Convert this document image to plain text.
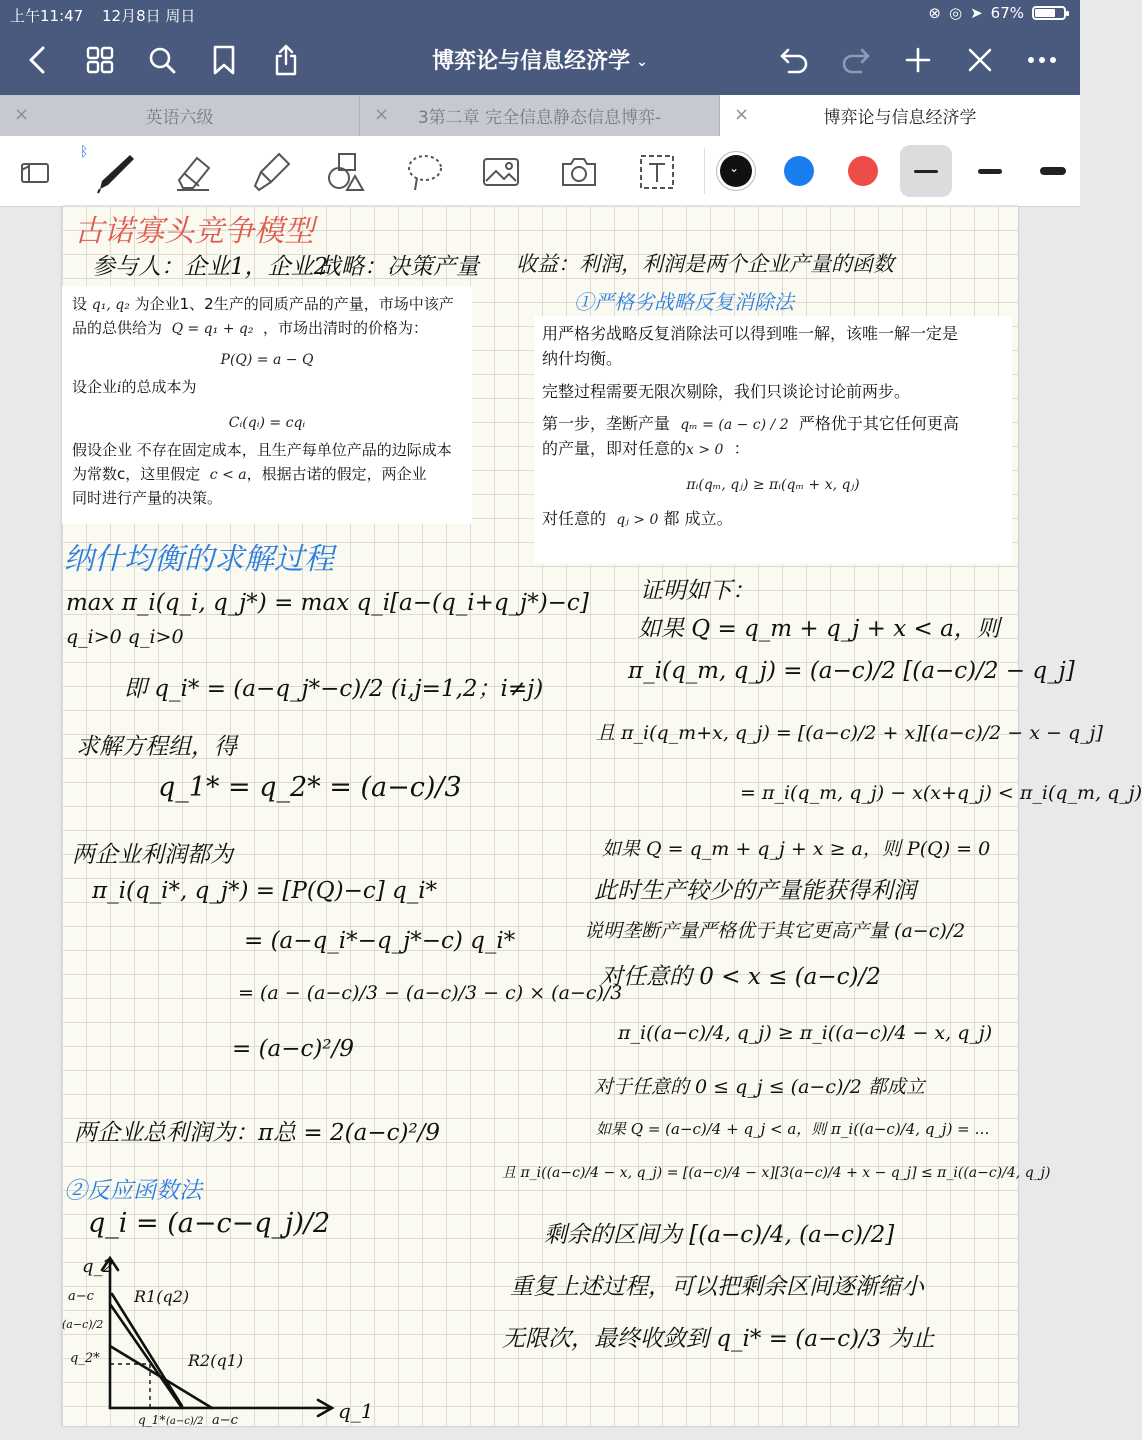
上午11:47 12月8日 周日	⊗ ◎ ➤ 67%
博弈论与信息经济学 ⌄
×	英语六级	× 3第二章 完全信息静态信息博弈-	×	博弈论与信息经济学
ᛒ
⌄
古诺寡头竞争模型
参与人：企业1，企业2
战略：决策产量 收益：利润，利润是两个企业产量的函数
①严格劣战略反复消除法

设 q₁, q₂ 为企业1、2生产的同质产品的产量，市场中该产

品的总供给为 Q = q₁ + q₂ ，市场出清时的价格为：

P(Q) = a − Q

设企业i的总成本为

Cᵢ(qᵢ) = cqᵢ

假设企业 不存在固定成本，且生产每单位产品的边际成本

为常数c，这里假定 c < a，根据古诺的假定，两企业

同时进行产量的决策。

用严格劣战略反复消除法可以得到唯一解，该唯一解一定是

纳什均衡。

完整过程需要无限次剔除，我们只谈论讨论前两步。

第一步，垄断产量 qₘ = (a − c) / 2 严格优于其它任何更高

的产量，即对任意的x > 0 ：

πᵢ(qₘ, qⱼ) ≥ πᵢ(qₘ + x, qⱼ)

对任意的 qⱼ > 0 都 成立。

纳什均衡的求解过程
max π_i(q_i, q_j*) = max q_i[a−(q_i+q_j*)−c]
q_i>0 q_i>0
即 q_i* = (a−q_j*−c)/2 (i,j=1,2；i≠j)
求解方程组，得
q_1* = q_2* = (a−c)/3
两企业利润都为
π_i(q_i*, q_j*) = [P(Q)−c] q_i*
= (a−q_i*−q_j*−c) q_i*
= (a − (a−c)/3 − (a−c)/3 − c) × (a−c)/3
= (a−c)²/9
两企业总利润为：π总 = 2(a−c)²/9
②反应函数法
q_i = (a−c−q_j)/2
q_2
q_1
a−c
(a−c)/2
q_2*
q_1* (a−c)/2 a−c
R1(q2)
R2(q1)
证明如下：
如果 Q = q_m + q_j + x < a，则
π_i(q_m, q_j) = (a−c)/2 [(a−c)/2 − q_j]
且 π_i(q_m+x, q_j) = [(a−c)/2 + x][(a−c)/2 − x − q_j]
= π_i(q_m, q_j) − x(x+q_j) < π_i(q_m, q_j)
如果 Q = q_m + q_j + x ≥ a，则 P(Q) = 0
此时生产较少的产量能获得利润
说明垄断产量严格优于其它更高产量 (a−c)/2
对任意的 0 < x ≤ (a−c)/2
π_i((a−c)/4, q_j) ≥ π_i((a−c)/4 − x, q_j)
对于任意的 0 ≤ q_j ≤ (a−c)/2 都成立
如果 Q = (a−c)/4 + q_j < a，则 π_i((a−c)/4, q_j) = …
且 π_i((a−c)/4 − x, q_j) = [(a−c)/4 − x][3(a−c)/4 + x − q_j] ≤ π_i((a−c)/4, q_j)
剩余的区间为 [(a−c)/4, (a−c)/2]
重复上述过程，可以把剩余区间逐渐缩小
无限次，最终收敛到 q_i* = (a−c)/3 为止
